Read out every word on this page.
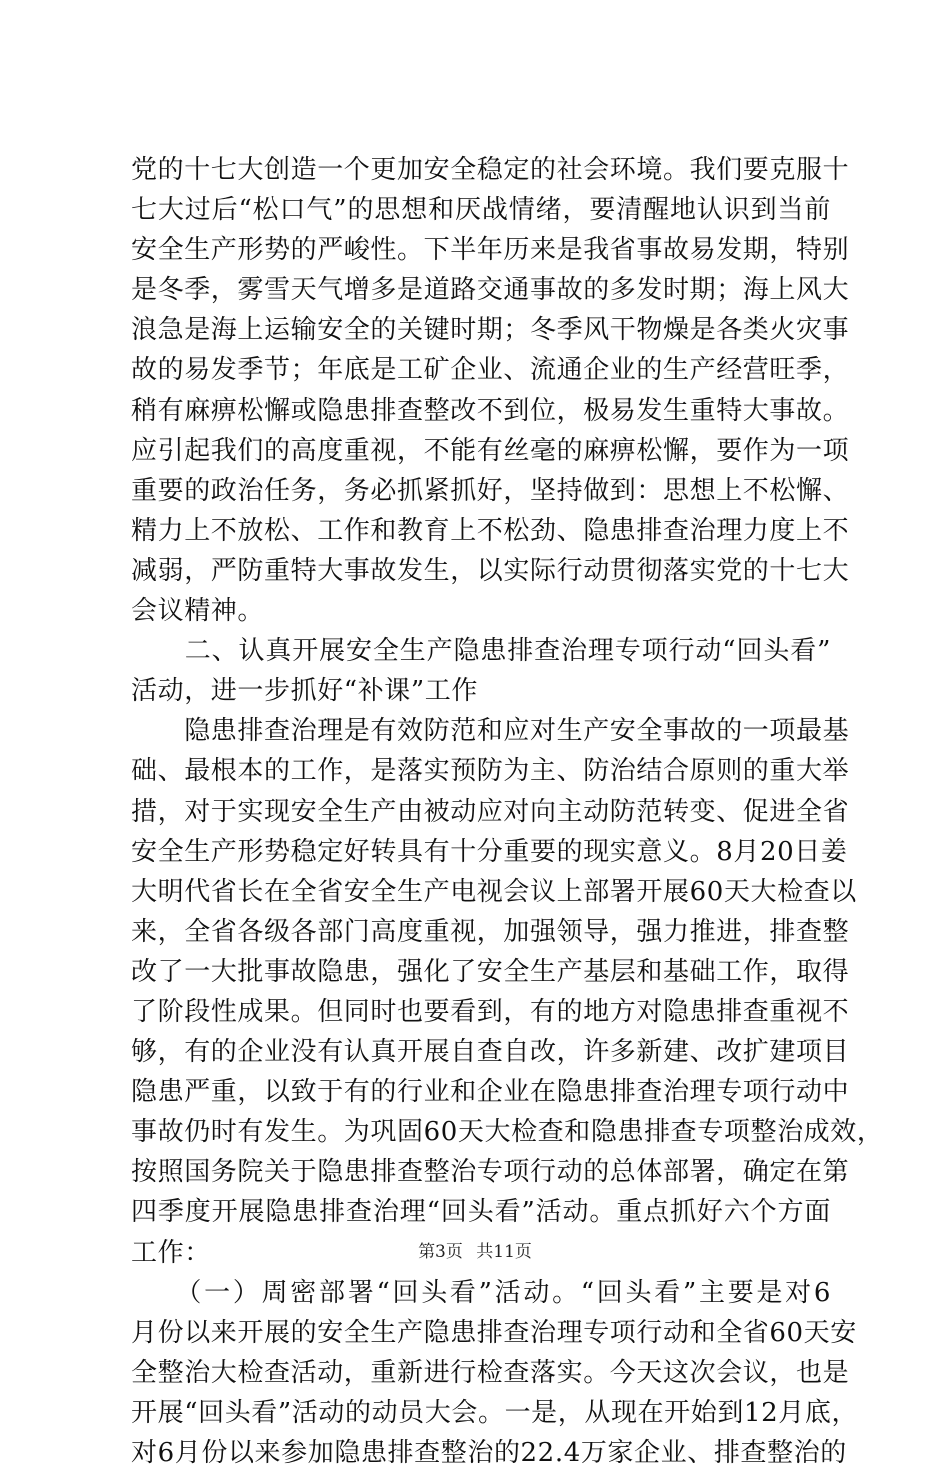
党的十七大创造一个更加安全稳定的社会环境。我们要克服十
七大过后“松口气”的思想和厌战情绪，要清醒地认识到当前
安全生产形势的严峻性。下半年历来是我省事故易发期，特别
是冬季，雾雪天气增多是道路交通事故的多发时期；海上风大
浪急是海上运输安全的关键时期；冬季风干物燥是各类火灾事
故的易发季节；年底是工矿企业、流通企业的生产经营旺季，
稍有麻痹松懈或隐患排查整改不到位，极易发生重特大事故。
应引起我们的高度重视，不能有丝毫的麻痹松懈，要作为一项
重要的政治任务，务必抓紧抓好，坚持做到：思想上不松懈、
精力上不放松、工作和教育上不松劲、隐患排查治理力度上不
减弱，严防重特大事故发生，以实际行动贯彻落实党的十七大
会议精神。
　　二、认真开展安全生产隐患排查治理专项行动“回头看”
活动，进一步抓好“补课”工作
　　隐患排查治理是有效防范和应对生产安全事故的一项最基
础、最根本的工作，是落实预防为主、防治结合原则的重大举
措，对于实现安全生产由被动应对向主动防范转变、促进全省
安全生产形势稳定好转具有十分重要的现实意义。8月20日姜
大明代省长在全省安全生产电视会议上部署开展60天大检查以
来，全省各级各部门高度重视，加强领导，强力推进，排查整
改了一大批事故隐患，强化了安全生产基层和基础工作，取得
了阶段性成果。但同时也要看到，有的地方对隐患排查重视不
够，有的企业没有认真开展自查自改，许多新建、改扩建项目
隐患严重，以致于有的行业和企业在隐患排查治理专项行动中
事故仍时有发生。为巩固60天大检查和隐患排查专项整治成效，
按照国务院关于隐患排查整治专项行动的总体部署，确定在第
四季度开展隐患排查治理“回头看”活动。重点抓好六个方面
工作：
　　（一）周密部署“回头看”活动。“回头看”主要是对6
月份以来开展的安全生产隐患排查治理专项行动和全省60天安
全整治大检查活动，重新进行检查落实。今天这次会议，也是
开展“回头看”活动的动员大会。一是，从现在开始到12月底，
对6月份以来参加隐患排查整治的22.4万家企业、排查整治的
第3页 共11页
